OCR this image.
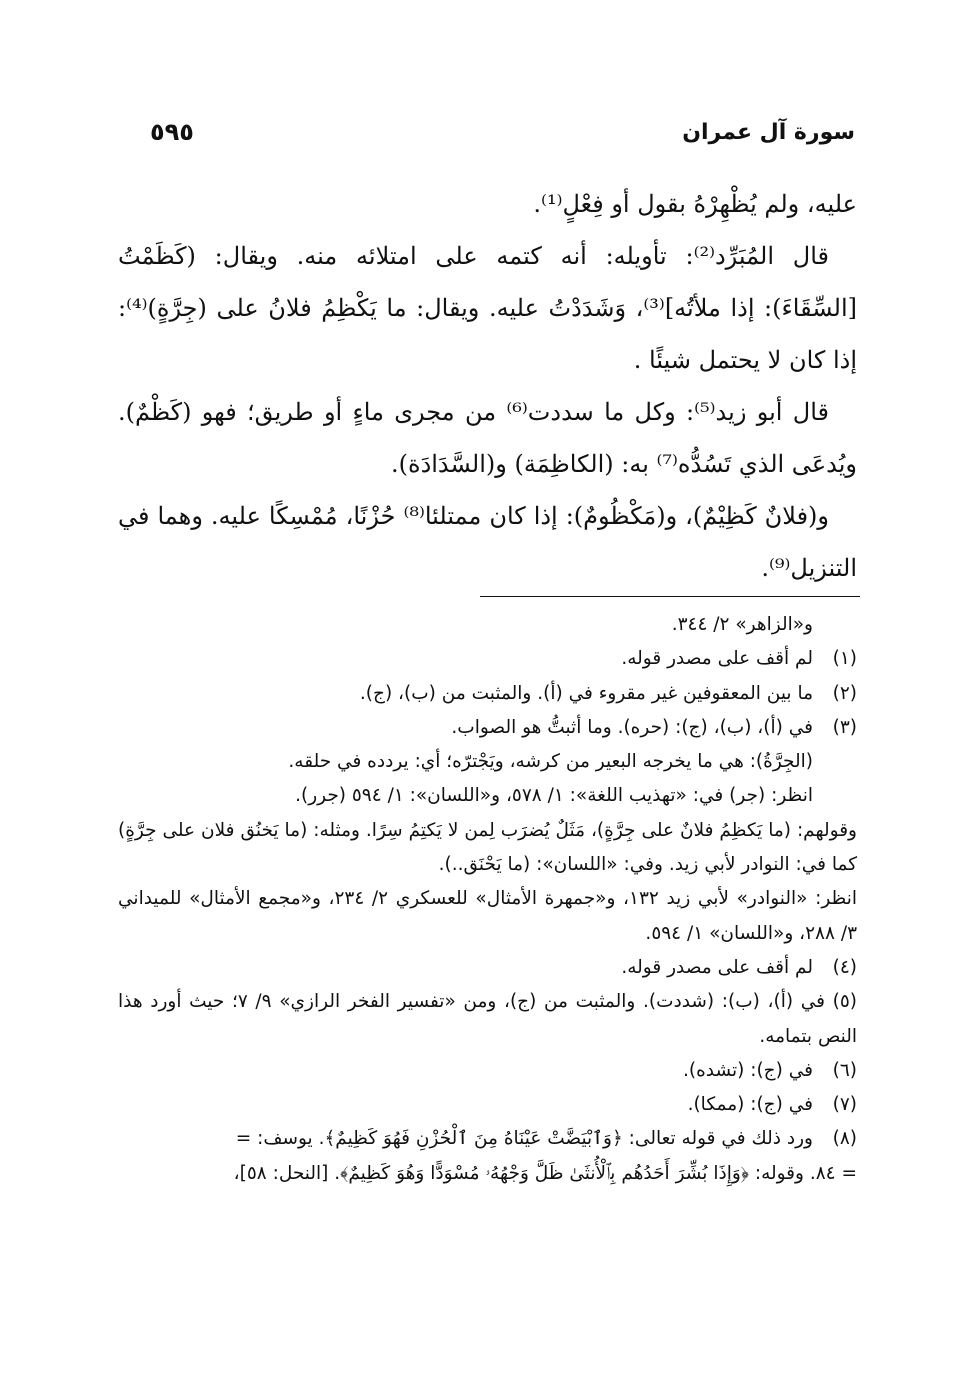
سورة آل عمران
٥٩٥

عليه، ولم يُظْهِرْهُ بقول أو فِعْلٍ⁽¹⁾.

قال المُبَرِّد⁽²⁾: تأويله: أنه كتمه على امتلائه منه. ويقال: (كَظَمْتُ [السِّقَاءَ): إذا ملأتُه]⁽³⁾، وَشَدَدْتُ عليه. ويقال: ما يَكْظِمُ فلانُ على (جِرَّةٍ)⁽⁴⁾: إذا كان لا يحتمل شيئًا .

قال أبو زيد⁽⁵⁾: وكل ما سددت⁽⁶⁾ من مجرى ماءٍ أو طريق؛ فهو (كَظْمٌ). ويُدعَى الذي تَسُدُّه⁽⁷⁾ به: (الكاظِمَة) و(السَّدَادَة).

و(فلانٌ كَظِيْمٌ)، و(مَكْظُومٌ): إذا كان ممتلئا⁽⁸⁾ حُزْنًا، مُمْسِكًا عليه. وهما في التنزيل⁽⁹⁾.

و«الزاهر» ٢/ ٣٤٤.

(١)
لم أقف على مصدر قوله.
(٢)
ما بين المعقوفين غير مقروء في (أ). والمثبت من (ب)، (ج).
(٣)
في (أ)، (ب)، (ج): (حره). وما أثبتُّ هو الصواب.

(الجِرَّةُ): هي ما يخرجه البعير من كرشه، ويَجْترّه؛ أي: يردده في حلقه.

انظر: (جر) في: «تهذيب اللغة»: ١/ ٥٧٨، و«اللسان»: ١/ ٥٩٤ (جرر).

وقولهم: (ما يَكظِمُ فلانٌ على جِرَّةٍ)، مَثَلٌ يُضرَب لِمن لا يَكتِمُ سِرًا. ومثله: (ما يَخنُق فلان على جِرَّةٍ) كما في: النوادر لأبي زيد. وفي: «اللسان»: (ما يَحْنَق..).

انظر: «النوادر» لأبي زيد ١٣٢، و«جمهرة الأمثال» للعسكري ٢/ ٢٣٤، و«مجمع الأمثال» للميداني ٣/ ٢٨٨، و«اللسان» ١/ ٥٩٤.

(٤)
لم أقف على مصدر قوله.
(٥) في (أ)، (ب): (شددت). والمثبت من (ج)، ومن «تفسير الفخر الرازي» ٩/ ٧؛ حيث أورد هذا النص بتمامه.
(٦)
في (ج): (تشده).
(٧)
في (ج): (ممكا).
(٨)
ورد ذلك في قوله تعالى: ﴿وَٱبْيَضَّتْ عَيْنَاهُ مِنَ ٱلْحُزْنِ فَهُوَ كَظِيمٌ﴾. يوسف: =

= ٨٤. وقوله: ﴿وَإِذَا بُشِّرَ أَحَدُهُم بِٱلْأُنثَىٰ ظَلَّ وَجْهُهُۥ مُسْوَدًّا وَهُوَ كَظِيمٌ﴾. [النحل: ٥٨]،
